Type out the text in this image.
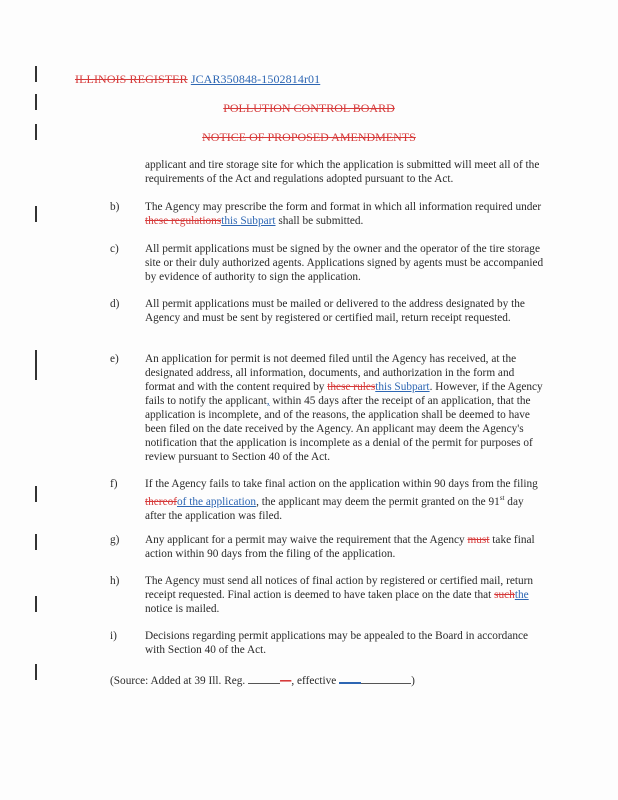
ILLINOIS REGISTER JCAR350848-1502814r01
POLLUTION CONTROL BOARD
NOTICE OF PROPOSED AMENDMENTS
applicant and tire storage site for which the application is submitted will meet all of the requirements of the Act and regulations adopted pursuant to the Act.
b) The Agency may prescribe the form and format in which all information required under these regulationsthis Subpart shall be submitted.
c) All permit applications must be signed by the owner and the operator of the tire storage site or their duly authorized agents. Applications signed by agents must be accompanied by evidence of authority to sign the application.
d) All permit applications must be mailed or delivered to the address designated by the Agency and must be sent by registered or certified mail, return receipt requested.
e) An application for permit is not deemed filed until the Agency has received, at the designated address, all information, documents, and authorization in the form and format and with the content required by these rulesthis Subpart. However, if the Agency fails to notify the applicant, within 45 days after the receipt of an application, that the application is incomplete, and of the reasons, the application shall be deemed to have been filed on the date received by the Agency. An applicant may deem the Agency's notification that the application is incomplete as a denial of the permit for purposes of review pursuant to Section 40 of the Act.
f) If the Agency fails to take final action on the application within 90 days from the filing thereofof the application, the applicant may deem the permit granted on the 91st day after the application was filed.
g) Any applicant for a permit may waive the requirement that the Agency must take final action within 90 days from the filing of the application.
h) The Agency must send all notices of final action by registered or certified mail, return receipt requested. Final action is deemed to have taken place on the date that suchthe notice is mailed.
i) Decisions regarding permit applications may be appealed to the Board in accordance with Section 40 of the Act.
(Source: Added at 39 Ill. Reg.	—, effective	)
